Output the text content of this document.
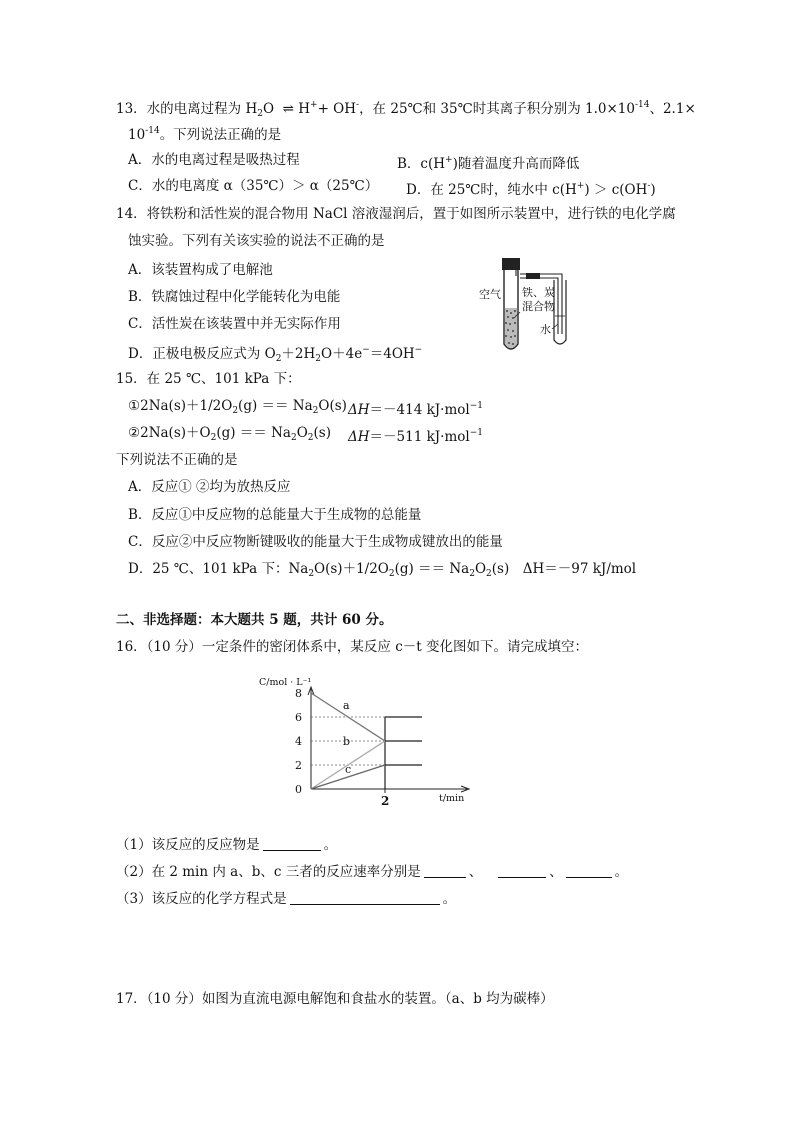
13．水的电离过程为 $H_2O$  ⇌ H++ OH-，在 25℃和 35℃时其离子积分别为 $1.0\times 10^{-14}$、2.1×
$10^{-14}$。下列说法正确的是
A．水的电离过程是吸热过程	B．c(H+)随着温度升高而降低
C．水的电离度 α（35℃）＞ α（25℃） D．在 25℃时，纯水中 c(H+) ＞ c(OH-)
14．将铁粉和活性炭的混合物用 NaCl 溶液湿润后，置于如图所示装置中，进行铁的电化学腐
蚀实验。下列有关该实验的说法不正确的是
A．该装置构成了电解池
B．铁腐蚀过程中化学能转化为电能
C．活性炭在该装置中并无实际作用
D．正极电极反应式为 $O_2+2H_2O+4e^-=4OH^-$
空气 铁、炭
混合物
水
15．在 25 ℃、101 kPa 下：
$①2Na(s)+1/2O_2(g) == Na_2O(s)$ ΔH＝－414 kJ·mol$^{-1}$
$②2Na(s)+O_2(g) == Na_2O_2(s)$ ΔH＝－511 kJ·mol$^{-1}$
下列说法不正确的是
A．反应① ②均为放热反应
B．反应①中反应物的总能量大于生成物的总能量
C．反应②中反应物断键吸收的能量大于生成物成键放出的能量
D．25 ℃、101 kPa 下：$Na_2O(s)+1/2O_2(g) == Na_2O_2(s)$　ΔH＝－97 kJ/mol
二、非选择题：本大题共 5 题，共计 60 分。
16．（10 分）一定条件的密闭体系中，某反应 c－t 变化图如下。请完成填空：
8
6
4
2
0
2
C/mol · L⁻¹
t/min
a
b
c
（1）该反应的反应物是	。
（2）在 2 min 内 a、b、c 三者的反应速率分别是	、	、	。
（3）该反应的化学方程式是	。
17．（10 分）如图为直流电源电解饱和食盐水的装置。（a、b 均为碳棒）
